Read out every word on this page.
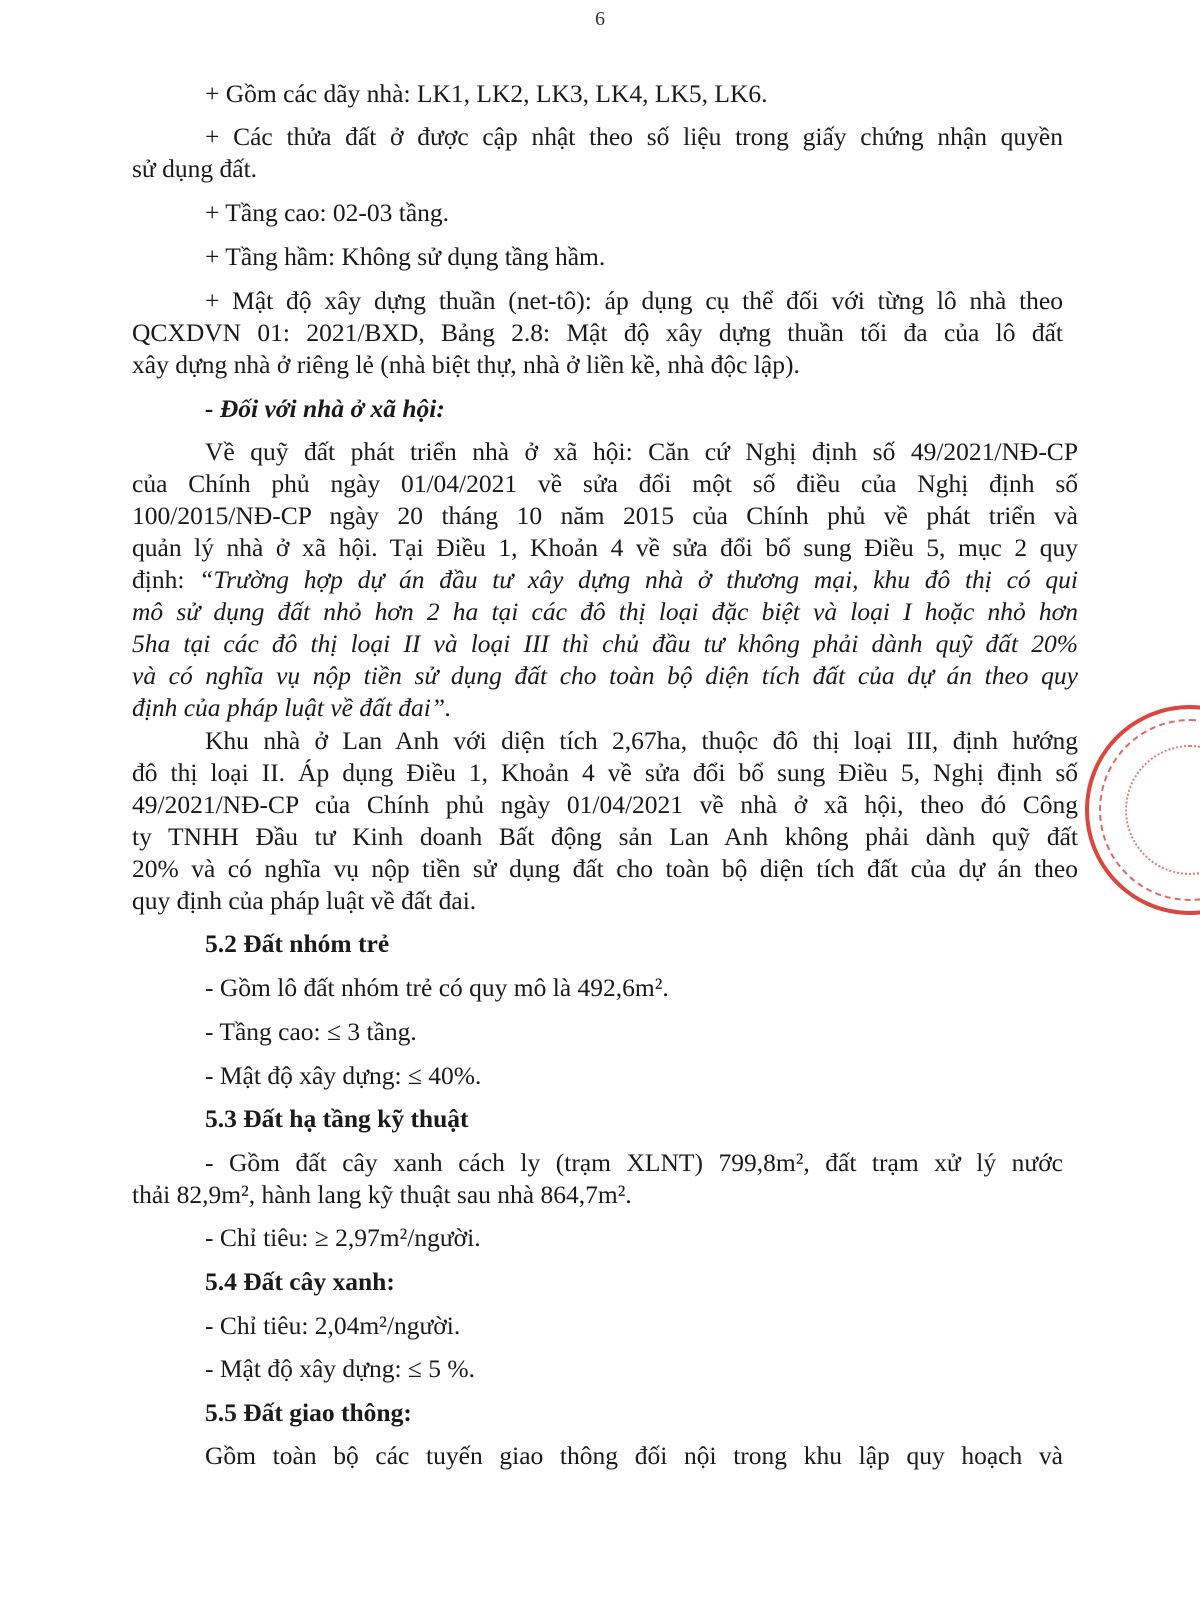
6
+ Gồm các dãy nhà: LK1, LK2, LK3, LK4, LK5, LK6.
+ Các thửa đất ở được cập nhật theo số liệu trong giấy chứng nhận quyền
sử dụng đất.
+ Tầng cao: 02-03 tầng.
+ Tầng hầm: Không sử dụng tầng hầm.
+ Mật độ xây dựng thuần (net-tô): áp dụng cụ thể đối với từng lô nhà theo
QCXDVN 01: 2021/BXD, Bảng 2.8: Mật độ xây dựng thuần tối đa của lô đất
xây dựng nhà ở riêng lẻ (nhà biệt thự, nhà ở liền kề, nhà độc lập).
- Đối với nhà ở xã hội:
Về quỹ đất phát triển nhà ở xã hội: Căn cứ Nghị định số 49/2021/NĐ-CP
của Chính phủ ngày 01/04/2021 về sửa đổi một số điều của Nghị định số
100/2015/NĐ-CP ngày 20 tháng 10 năm 2015 của Chính phủ về phát triển và
quản lý nhà ở xã hội. Tại Điều 1, Khoản 4 về sửa đổi bổ sung Điều 5, mục 2 quy
định: “Trường hợp dự án đầu tư xây dựng nhà ở thương mại, khu đô thị có qui
mô sử dụng đất nhỏ hơn 2 ha tại các đô thị loại đặc biệt và loại I hoặc nhỏ hơn
5ha tại các đô thị loại II và loại III thì chủ đầu tư không phải dành quỹ đất 20%
và có nghĩa vụ nộp tiền sử dụng đất cho toàn bộ diện tích đất của dự án theo quy
định của pháp luật về đất đai”.
Khu nhà ở Lan Anh với diện tích 2,67ha, thuộc đô thị loại III, định hướng
đô thị loại II. Áp dụng Điều 1, Khoản 4 về sửa đổi bổ sung Điều 5, Nghị định số
49/2021/NĐ-CP của Chính phủ ngày 01/04/2021 về nhà ở xã hội, theo đó Công
ty TNHH Đầu tư Kinh doanh Bất động sản Lan Anh không phải dành quỹ đất
20% và có nghĩa vụ nộp tiền sử dụng đất cho toàn bộ diện tích đất của dự án theo
quy định của pháp luật về đất đai.
5.2 Đất nhóm trẻ
- Gồm lô đất nhóm trẻ có quy mô là 492,6m².
- Tầng cao: ≤ 3 tầng.
- Mật độ xây dựng: ≤ 40%.
5.3 Đất hạ tầng kỹ thuật
- Gồm đất cây xanh cách ly (trạm XLNT) 799,8m², đất trạm xử lý nước
thải 82,9m², hành lang kỹ thuật sau nhà 864,7m².
- Chỉ tiêu: ≥ 2,97m²/người.
5.4 Đất cây xanh:
- Chỉ tiêu: 2,04m²/người.
- Mật độ xây dựng: ≤ 5 %.
5.5 Đất giao thông:
Gồm toàn bộ các tuyến giao thông đối nội trong khu lập quy hoạch và
